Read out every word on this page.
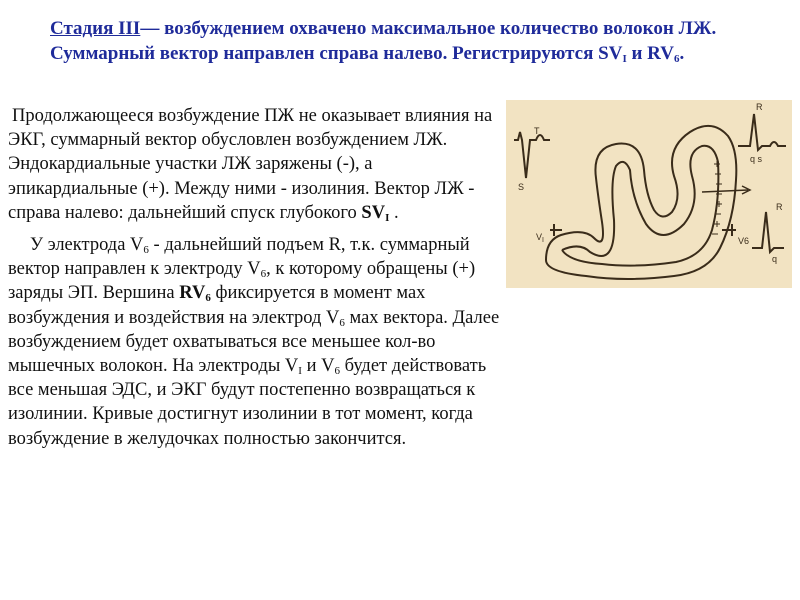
Стадия III— возбуждением охвачено максимальное количество волокон ЛЖ. Суммарный вектор направлен справа налево. Регистрируются $SV_I$ и $RV_6$.

Продолжающееся возбуждение ПЖ не оказывает влияния на ЭКГ, суммарный вектор обусловлен возбуждением ЛЖ. Эндокардиальные участки ЛЖ заряжены (-), а эпикардиальные (+). Между ними - изолиния. Вектор ЛЖ - справа налево: дальнейший спуск глубокого $SV_I$ .

У электрода $V_6$ - дальнейший подъем R, т.к. суммарный вектор направлен к электроду $V_6$, к которому обращены (+) заряды ЭП. Вершина $RV_6$ фиксируется в момент мах возбуждения и воздействия на электрод $V_6$ мах вектора. Далее возбуждением будет охватываться все меньшее кол-во мышечных волокон. На электроды $V_I$ и $V_6$ будет действовать все меньшая ЭДС, и ЭКГ будут постепенно возвращаться к изолинии. Кривые достигнут изолинии в тот момент, когда возбуждение в желудочках полностью закончится.

T
S
$V_I$
R
q s
R
V6
q
